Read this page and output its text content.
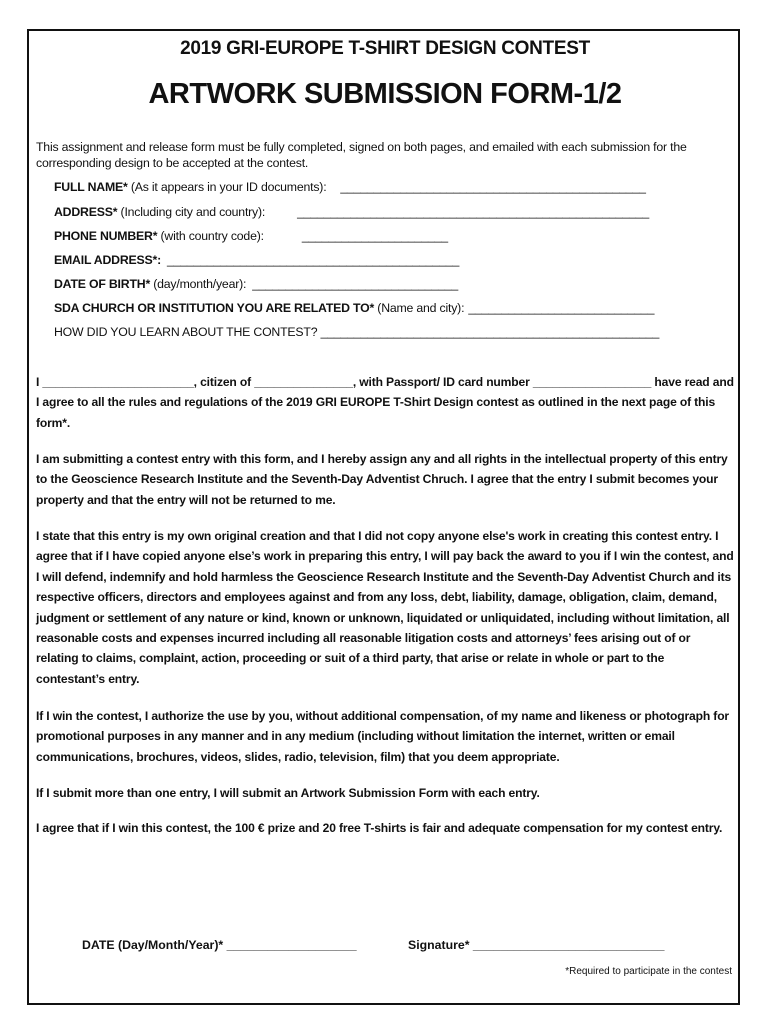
2019 GRI-EUROPE T-SHIRT DESIGN CONTEST
ARTWORK SUBMISSION FORM-1/2
This assignment and release form must be fully completed, signed on both pages, and emailed with each submission for the corresponding design to be accepted at the contest.
FULL NAME* (As it appears in your ID documents): ______________________________________________
ADDRESS* (Including city and country):	_____________________________________________________
PHONE NUMBER* (with country code):	______________________
EMAIL ADDRESS*: ____________________________________________
DATE OF BIRTH* (day/month/year): _______________________________
SDA CHURCH OR INSTITUTION YOU ARE RELATED TO* (Name and city): ____________________________
HOW DID YOU LEARN ABOUT THE CONTEST? ___________________________________________________
I _______________________, citizen of _______________, with Passport/ ID card number __________________ have read and I agree to all the rules and regulations of the 2019 GRI EUROPE T-Shirt Design contest as outlined in the next page of this form*.
I am submitting a contest entry with this form, and I hereby assign any and all rights in the intellectual property of this entry to the Geoscience Research Institute and the Seventh-Day Adventist Chruch. I agree that the entry I submit becomes your property and that the entry will not be returned to me.
I state that this entry is my own original creation and that I did not copy anyone else's work in creating this contest entry. I agree that if I have copied anyone else’s work in preparing this entry, I will pay back the award to you if I win the contest, and I will defend, indemnify and hold harmless the Geoscience Research Institute and the Seventh-Day Adventist Church and its respective officers, directors and employees against and from any loss, debt, liability, damage, obligation, claim, demand, judgment or settlement of any nature or kind, known or unknown, liquidated or unliquidated, including without limitation, all reasonable costs and expenses incurred including all reasonable litigation costs and attorneys’ fees arising out of or relating to claims, complaint, action, proceeding or suit of a third party, that arise or relate in whole or part to the contestant’s entry.
If I win the contest, I authorize the use by you, without additional compensation, of my name and likeness or photograph for promotional purposes in any manner and in any medium (including without limitation the internet, written or email communications, brochures, videos, slides, radio, television, film) that you deem appropriate.
If I submit more than one entry, I will submit an Artwork Submission Form with each entry.
I agree that if I win this contest, the 100 € prize and 20 free T-shirts is fair and adequate compensation for my contest entry.
DATE (Day/Month/Year)* ___________________	Signature* ____________________________
*Required to participate in the contest
